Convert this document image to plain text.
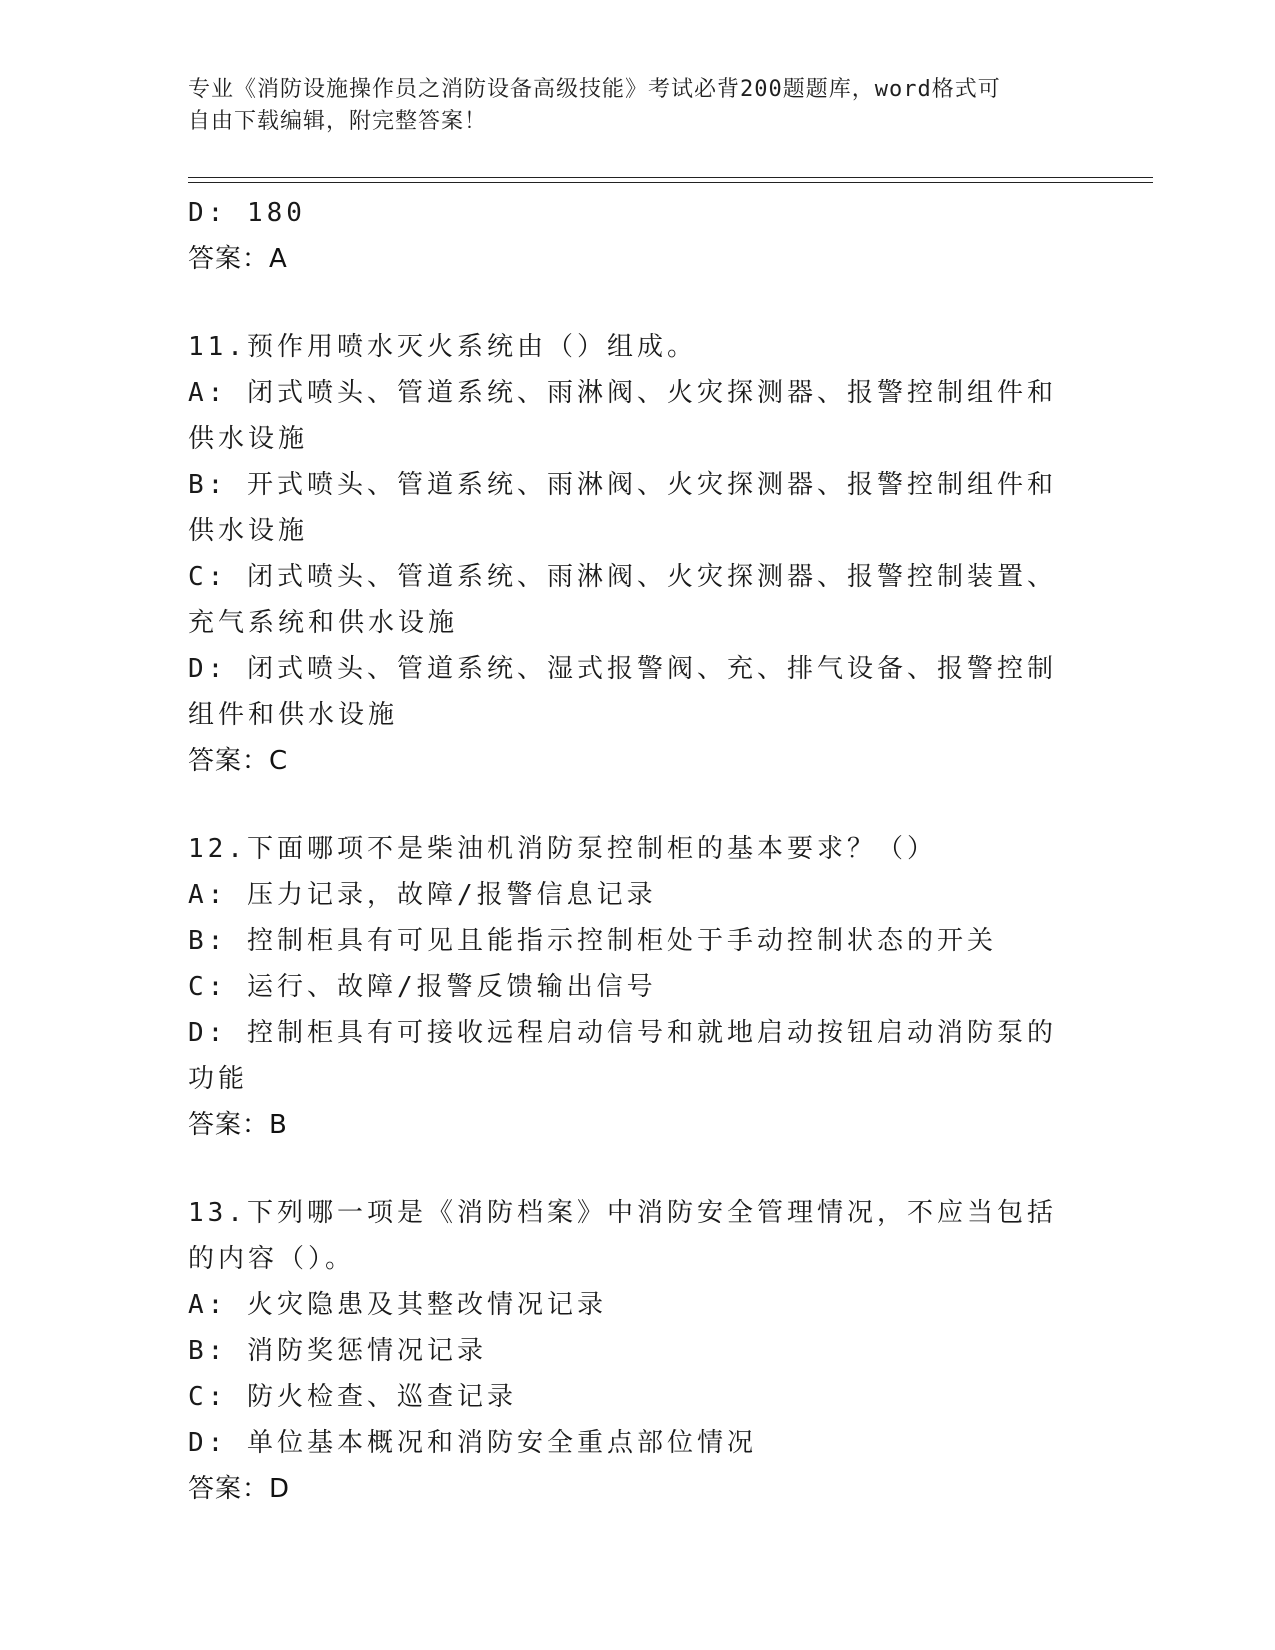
专业《消防设施操作员之消防设备高级技能》考试必背200题题库，word格式可
自由下载编辑，附完整答案！
D: 180
答案：A
11.预作用喷水灭火系统由（）组成。
A: 闭式喷头、管道系统、雨淋阀、火灾探测器、报警控制组件和供水设施
B: 开式喷头、管道系统、雨淋阀、火灾探测器、报警控制组件和供水设施
C: 闭式喷头、管道系统、雨淋阀、火灾探测器、报警控制装置、充气系统和供水设施
D: 闭式喷头、管道系统、湿式报警阀、充、排气设备、报警控制组件和供水设施
答案：C
12.下面哪项不是柴油机消防泵控制柜的基本要求？（）
A: 压力记录，故障/报警信息记录
B: 控制柜具有可见且能指示控制柜处于手动控制状态的开关
C: 运行、故障/报警反馈输出信号
D: 控制柜具有可接收远程启动信号和就地启动按钮启动消防泵的功能
答案：B
13.下列哪一项是《消防档案》中消防安全管理情况，不应当包括的内容（）。
A: 火灾隐患及其整改情况记录
B: 消防奖惩情况记录
C: 防火检查、巡查记录
D: 单位基本概况和消防安全重点部位情况
答案：D
